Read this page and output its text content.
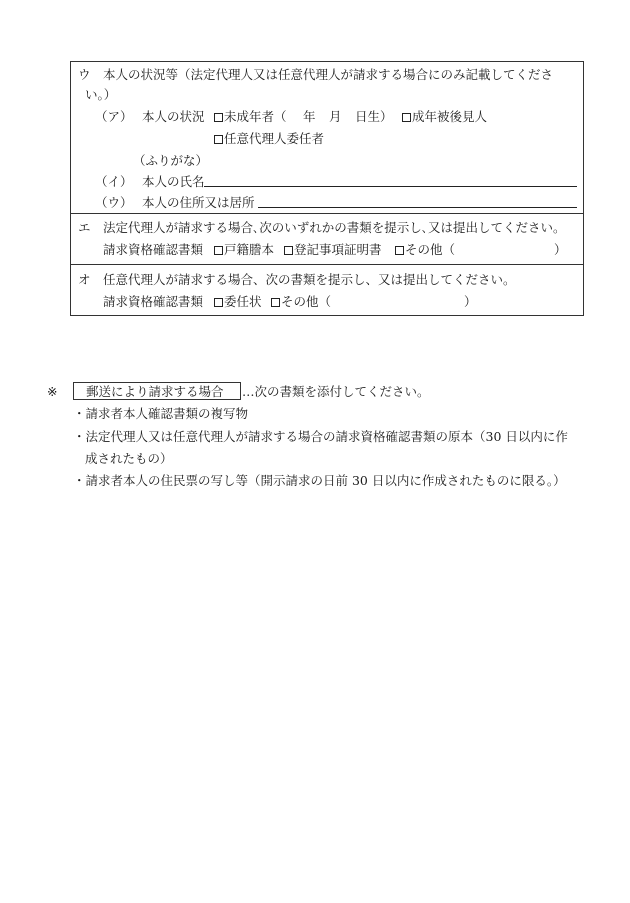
ウ 本人の状況等（法定代理人又は任意代理人が請求する場合にのみ記載してくださ
い。）
（ア） 本人の状況	未成年者（ 年 月 日生）	成年被後見人
任意代理人委任者
（ふりがな）
（イ） 本人の氏名
（ウ） 本人の住所又は居所
エ 法定代理人が請求する場合､次のいずれかの書類を提示し､又は提出してください。
請求資格確認書類	戸籍謄本	登記事項証明書	その他（	）
オ 任意代理人が請求する場合、次の書類を提示し、又は提出してください。
請求資格確認書類	委任状	その他（	）
※ 郵送により請求する場合 …次の書類を添付してください。
・請求者本人確認書類の複写物
・法定代理人又は任意代理人が請求する場合の請求資格確認書類の原本（30 日以内に作
成されたもの）
・請求者本人の住民票の写し等（開示請求の日前 30 日以内に作成されたものに限る。）
